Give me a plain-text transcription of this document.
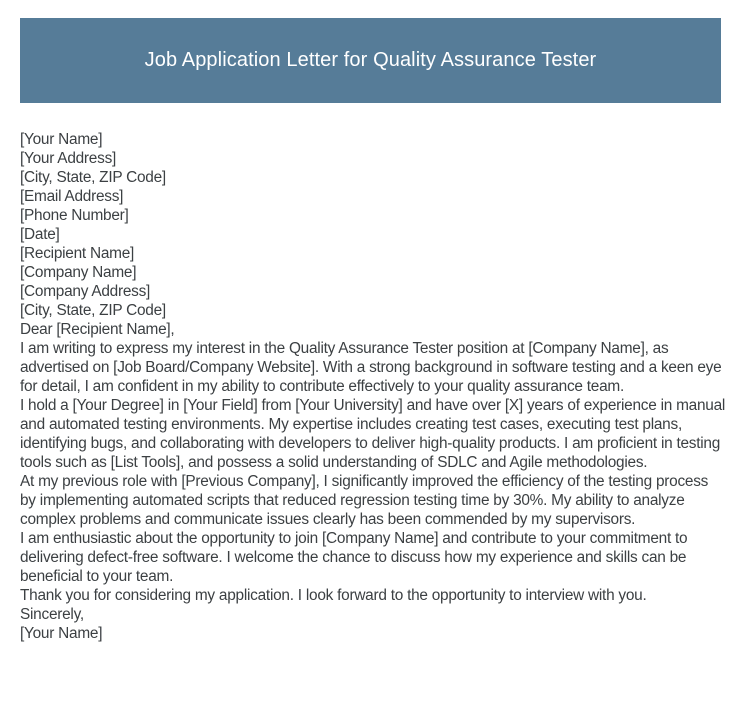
Job Application Letter for Quality Assurance Tester

[Your Name]

[Your Address]

[City, State, ZIP Code]

[Email Address]

[Phone Number]

[Date]

[Recipient Name]

[Company Name]

[Company Address]

[City, State, ZIP Code]

Dear [Recipient Name],

I am writing to express my interest in the Quality Assurance Tester position at [Company Name], as advertised on [Job Board/Company Website]. With a strong background in software testing and a keen eye for detail, I am confident in my ability to contribute effectively to your quality assurance team.

I hold a [Your Degree] in [Your Field] from [Your University] and have over [X] years of experience in manual and automated testing environments. My expertise includes creating test cases, executing test plans, identifying bugs, and collaborating with developers to deliver high-quality products. I am proficient in testing tools such as [List Tools], and possess a solid understanding of SDLC and Agile methodologies.

At my previous role with [Previous Company], I significantly improved the efficiency of the testing process by implementing automated scripts that reduced regression testing time by 30%. My ability to analyze complex problems and communicate issues clearly has been commended by my supervisors.

I am enthusiastic about the opportunity to join [Company Name] and contribute to your commitment to delivering defect-free software. I welcome the chance to discuss how my experience and skills can be beneficial to your team.

Thank you for considering my application. I look forward to the opportunity to interview with you.

Sincerely,

[Your Name]
